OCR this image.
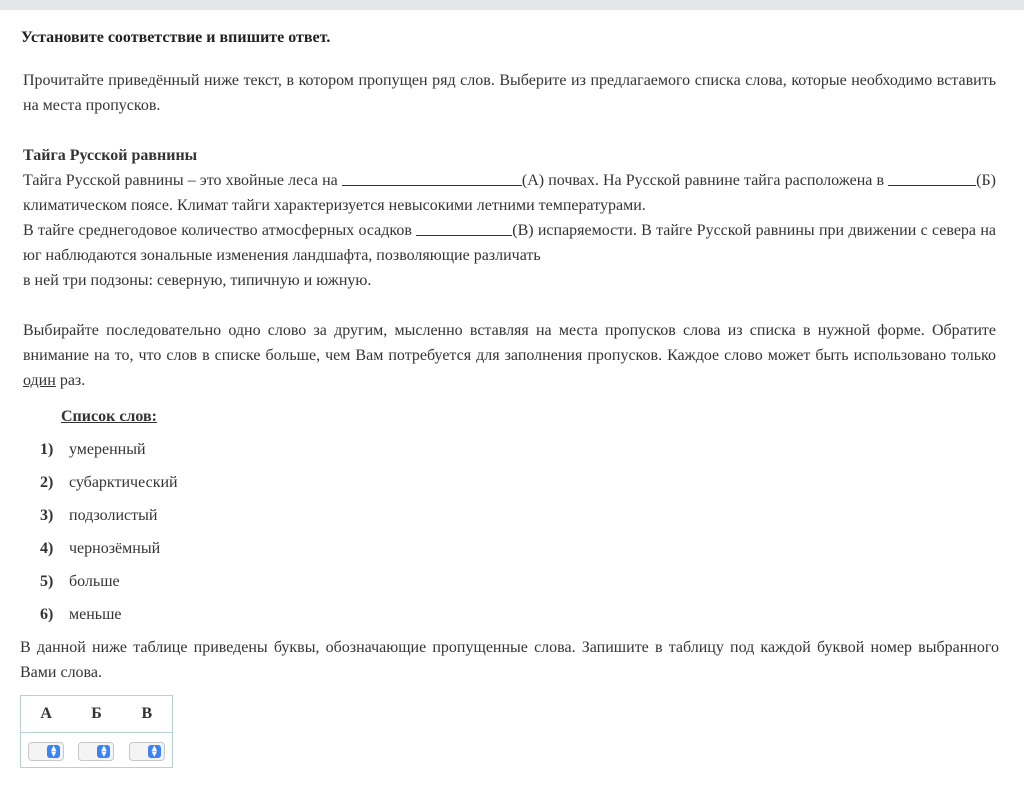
Установите соответствие и впишите ответ.

Прочитайте приведённый ниже текст, в котором пропущен ряд слов. Выберите из предлагаемого списка слова, которые необходимо вставить на места пропусков.

Тайга Русской равнины

Тайга Русской равнины – это хвойные леса на	(А) почвах. На Русской равнине тайга расположена в	(Б) климатическом поясе. Климат тайги характеризуется невысокими летними температурами.

В тайге среднегодовое количество атмосферных осадков	(В) испаряемости. В тайге Русской равнины при движении с севера на юг наблюдаются зональные изменения ландшафта, позволяющие различать

в ней три подзоны: северную, типичную и южную.

Выбирайте последовательно одно слово за другим, мысленно вставляя на места пропусков слова из списка в нужной форме. Обратите внимание на то, что слов в списке больше, чем Вам потребуется для заполнения пропусков. Каждое слово может быть использовано только один раз.

Список слов:
1) умеренный
2) субарктический
3) подзолистый
4) чернозёмный
5) больше
6) меньше

В данной ниже таблице приведены буквы, обозначающие пропущенные слова. Запишите в таблицу под каждой буквой номер выбранного Вами слова.

А	Б	В
▲
▼
▲
▼
▲
▼
